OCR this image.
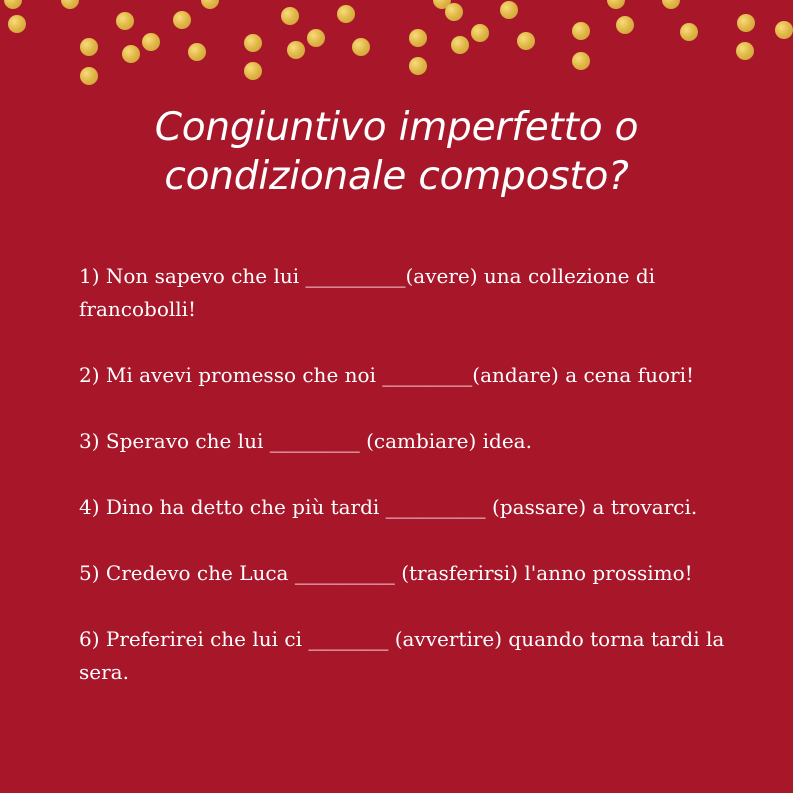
Congiuntivo imperfetto o
condizionale composto?

1) Non sapevo che lui __________(avere) una collezione di francobolli!

2) Mi avevi promesso che noi _________(andare) a cena fuori!

3) Speravo che lui _________ (cambiare) idea.

4) Dino ha detto che più tardi __________ (passare) a trovarci.

5) Credevo che Luca __________ (trasferirsi) l'anno prossimo!

6) Preferirei che lui ci ________ (avvertire) quando torna tardi la sera.
